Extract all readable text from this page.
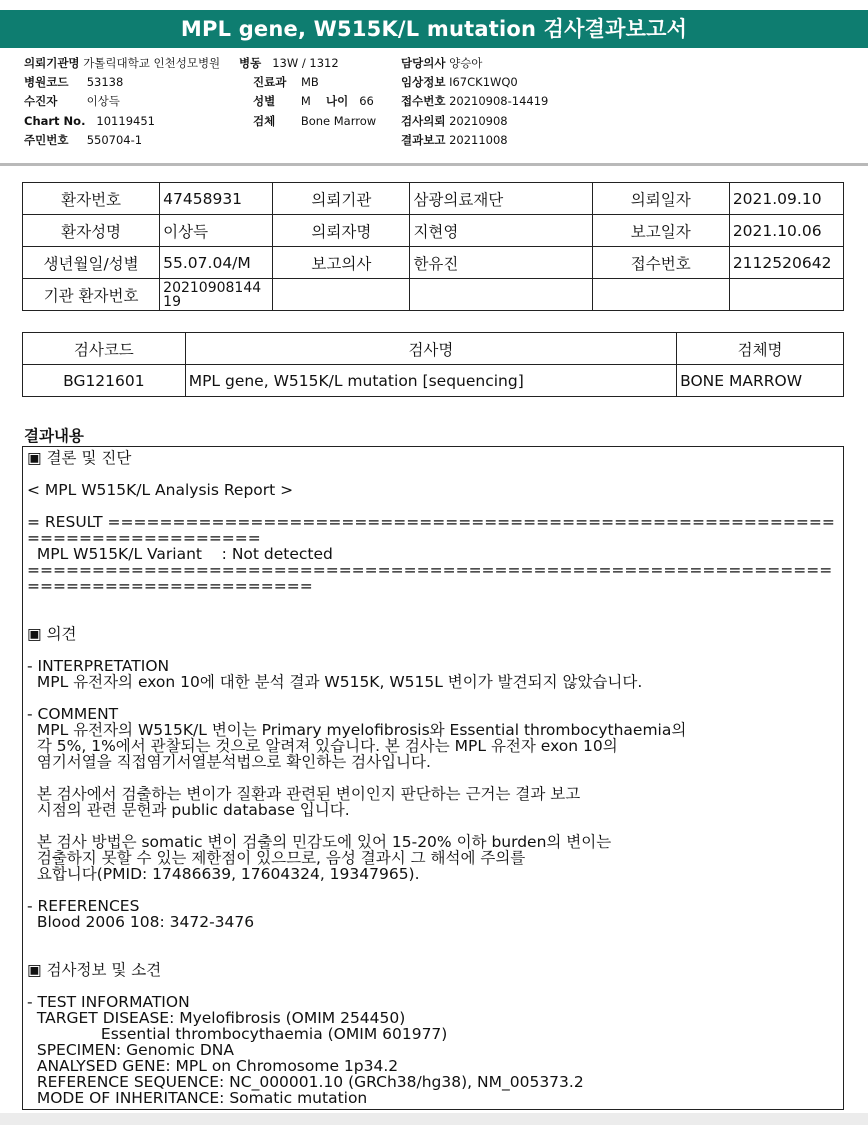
MPL gene, W515K/L mutation 검사결과보고서
의뢰기관명 가톨릭대학교 인천성모병원
병원코드 53138
수진자	이상득
Chart No. 10119451
주민번호 550704-1
병동 13W / 1312
진료과 MB
성별 M 나이 66
검체 Bone Marrow
담당의사 양승아
임상정보 I67CK1WQ0
접수번호 20210908-14419
검사의뢰 20210908
결과보고 20211008
환자번호	47458931	의뢰기관	삼광의료재단	의뢰일자	2021.09.10
환자성명	이상득	의뢰자명	지현영	보고일자	2021.10.06
생년월일/성별	55.07.04/M	보고의사	한유진	접수번호	2112520642
기관 환자번호	20210908144 19				
검사코드	검사명	검체명
BG121601	MPL gene, W515K/L mutation [sequencing]	BONE MARROW
결과내용
▣ 결론 및 진단

< MPL W515K/L Analysis Report >

= RESULT ==========================================================================
MPL W515K/L Variant    : Not detected
====================================================================================

▣ 의견

- INTERPRETATION
MPL 유전자의 exon 10에 대한 분석 결과 W515K, W515L 변이가 발견되지 않았습니다.

- COMMENT
MPL 유전자의 W515K/L 변이는 Primary myelofibrosis와 Essential thrombocythaemia의
각 5%, 1%에서 관찰되는 것으로 알려져 있습니다. 본 검사는 MPL 유전자 exon 10의
염기서열을 직접염기서열분석법으로 확인하는 검사입니다.

본 검사에서 검출하는 변이가 질환과 관련된 변이인지 판단하는 근거는 결과 보고
시점의 관련 문헌과 public database 입니다.

본 검사 방법은 somatic 변이 검출의 민감도에 있어 15-20% 이하 burden의 변이는
검출하지 못할 수 있는 제한점이 있으므로, 음성 결과시 그 해석에 주의를
요합니다(PMID: 17486639, 17604324, 19347965).

- REFERENCES
Blood 2006 108: 3472-3476

▣ 검사정보 및 소견

- TEST INFORMATION
TARGET DISEASE: Myelofibrosis (OMIM 254450)
Essential thrombocythaemia (OMIM 601977)
SPECIMEN: Genomic DNA
ANALYSED GENE: MPL on Chromosome 1p34.2
REFERENCE SEQUENCE: NC_000001.10 (GRCh38/hg38), NM_005373.2
MODE OF INHERITANCE: Somatic mutation
